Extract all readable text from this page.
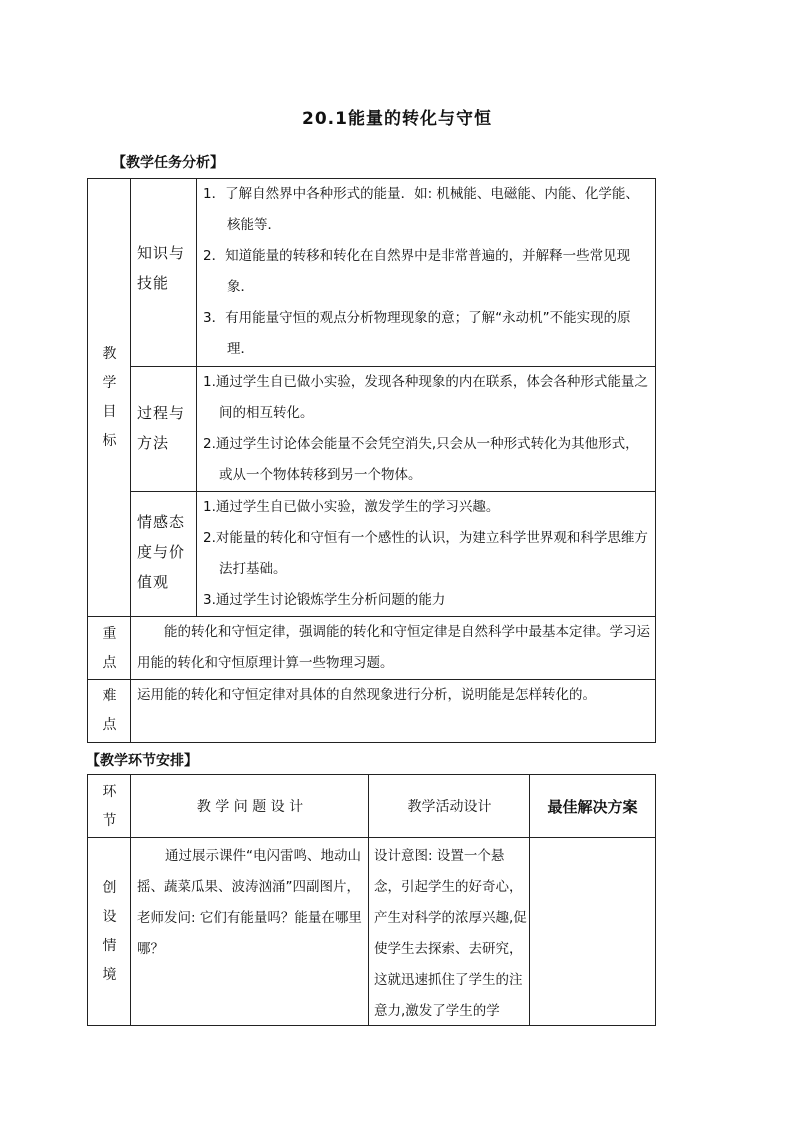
20.1能量的转化与守恒
【教学任务分析】
教
学
目
标
知识与
技能

1．了解自然界中各种形式的能量．如: 机械能、电磁能、内能、化学能、核能等．

2．知道能量的转移和转化在自然界中是非常普遍的，并解释一些常见现象．

3．有用能量守恒的观点分析物理现象的意；了解“永动机”不能实现的原理．

过程与
方法

1.通过学生自已做小实验，发现各种现象的内在联系，体会各种形式能量之间的相互转化。

2.通过学生讨论体会能量不会凭空消失,只会从一种形式转化为其他形式，或从一个物体转移到另一个物体。

情感态
度与价
值观

1.通过学生自已做小实验，激发学生的学习兴趣。

2.对能量的转化和守恒有一个感性的认识，为建立科学世界观和科学思维方法打基础。

3.通过学生讨论锻炼学生分析问题的能力

重
点
能的转化和守恒定律，强调能的转化和守恒定律是自然科学中最基本定律。学习运用能的转化和守恒原理计算一些物理习题。
难
点
运用能的转化和守恒定律对具体的自然现象进行分析，说明能是怎样转化的。
【教学环节安排】
环
节
教 学 问 题 设 计	教学活动设计	最佳解决方案
创
设
情
境
通过展示课件“电闪雷鸣、地动山摇、蔬菜瓜果、波涛汹涌”四副图片，老师发问: 它们有能量吗？能量在哪里哪？
设计意图: 设置一个悬念，引起学生的好奇心，产生对科学的浓厚兴趣,促使学生去探索、去研究，这就迅速抓住了学生的注意力,激发了学生的学
